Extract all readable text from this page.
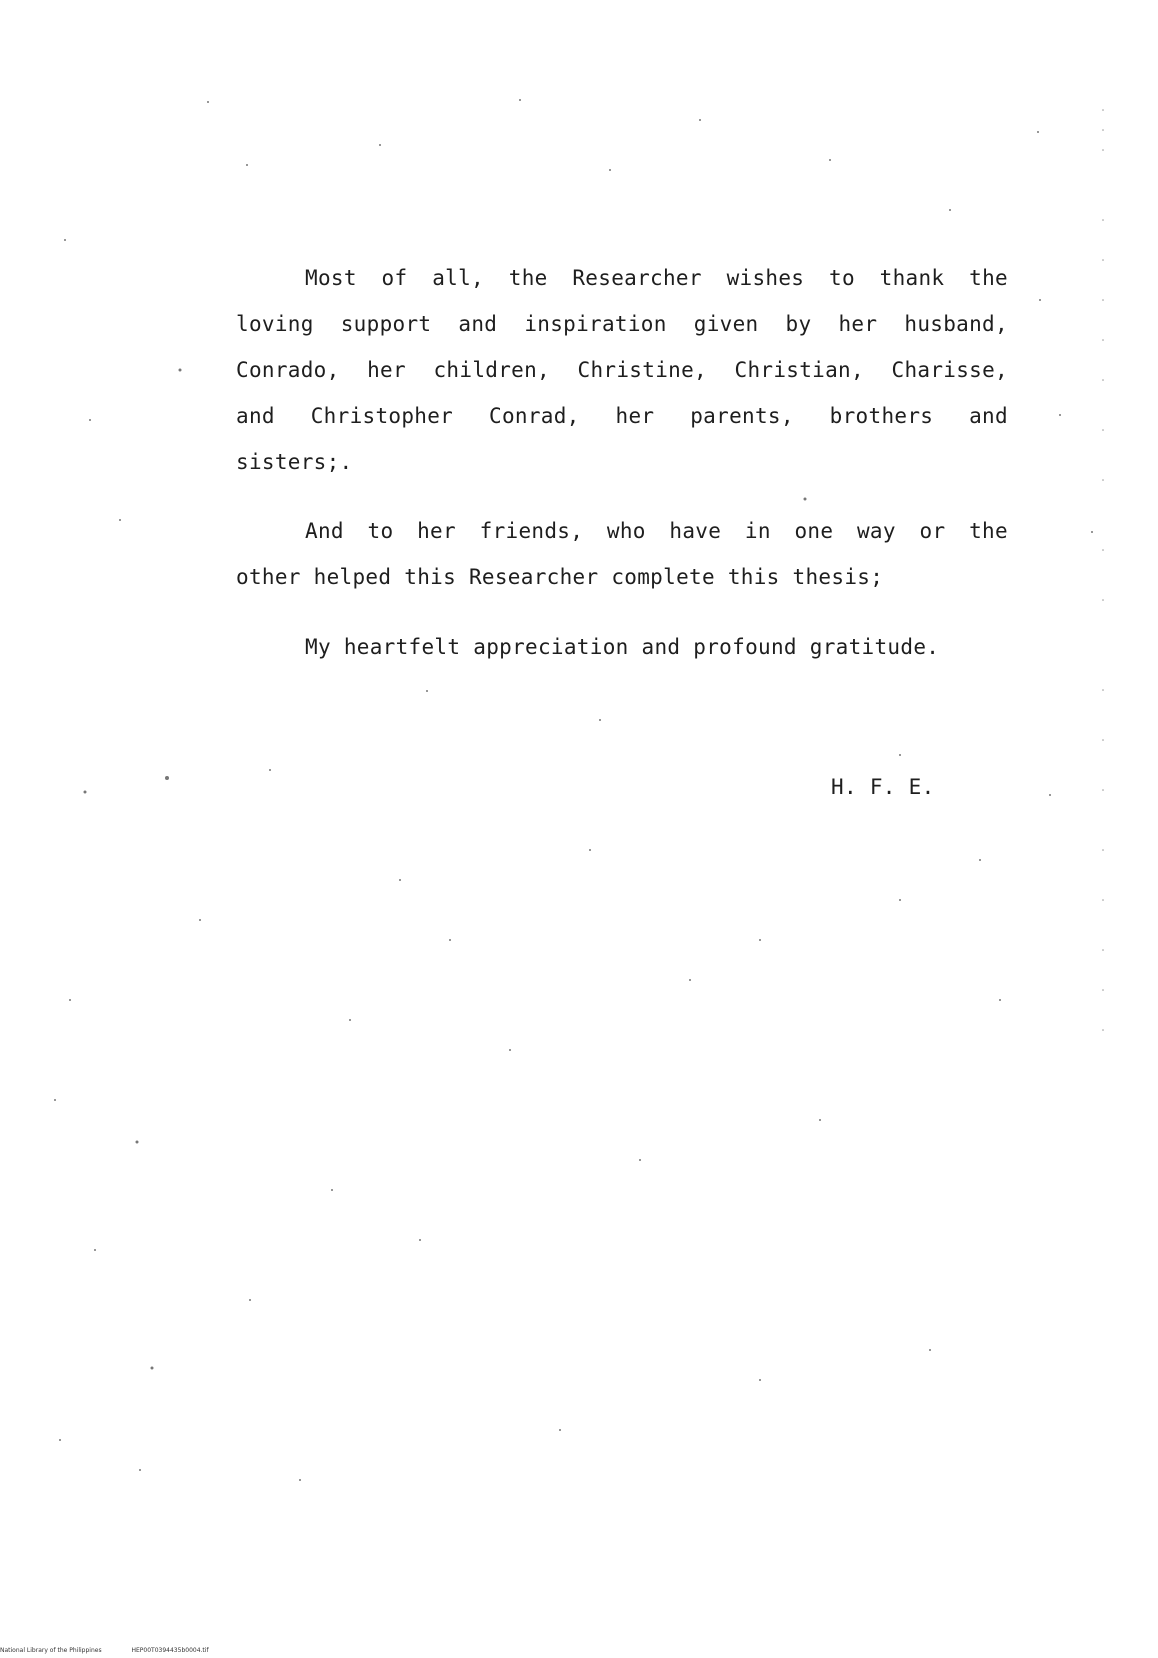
Most of all, the Researcher wishes to thank the
loving support and inspiration given by her husband,
Conrado, her children, Christine, Christian, Charisse,
and Christopher Conrad, her parents, brothers and
sisters;.
And to her friends, who have in one way or the
other helped this Researcher complete this thesis;
My heartfelt appreciation and profound gratitude.
H. F. E.
National Library of the Philippines	HEP00T0394435b0004.tif
